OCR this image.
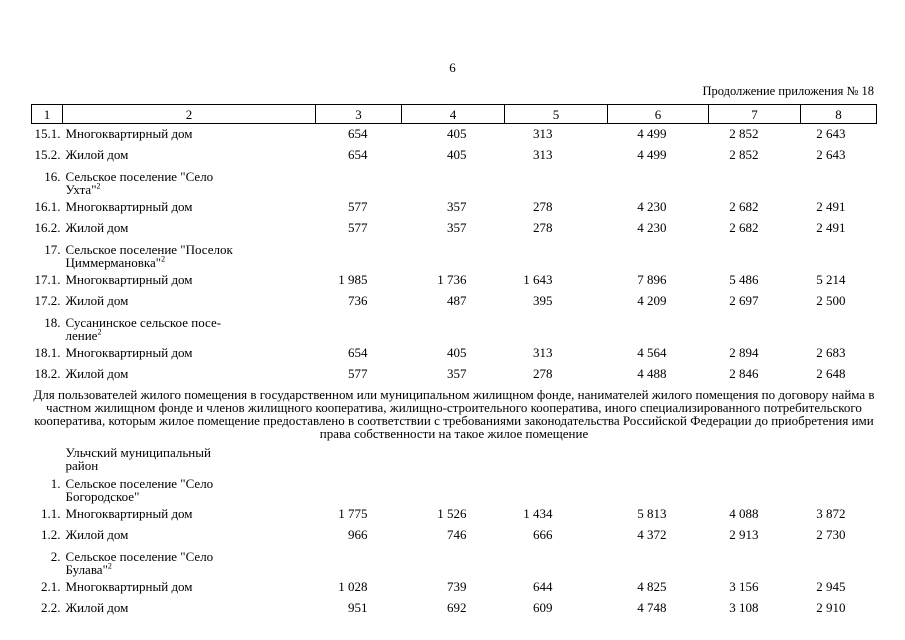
6
Продолжение приложения № 18
1	2	3	4	5	6	7	8
15.1.	Многоквартирный дом	654	405	313	4 499	2 852	2 643
15.2.	Жилой дом	654	405	313	4 499	2 852	2 643
16.	Сельское поселение "Село
Ухта"$^2$

16.1.	Многоквартирный дом	577	357	278	4 230	2 682	2 491
16.2.	Жилой дом	577	357	278	4 230	2 682	2 491
17.	Сельское поселение "Поселок
Циммермановка"$^2$

17.1.	Многоквартирный дом	1 985	1 736	1 643	7 896	5 486	5 214
17.2.	Жилой дом	736	487	395	4 209	2 697	2 500
18.	Сусанинское сельское посе-
ление$^2$

18.1.	Многоквартирный дом	654	405	313	4 564	2 894	2 683
18.2.	Жилой дом	577	357	278	4 488	2 846	2 648
Для пользователей жилого помещения в государственном или муниципальном жилищном фонде, нанимателей жилого помещения по договору найма в частном жилищном фонде и членов жилищного кооператива, жилищно-строительного кооператива, иного специализированного потребительского кооператива, которым жилое помещение предоставлено в соответствии с требованиями законодательства Российской Федерации до приобретения ими права собственности на такое жилое помещение							

	Ульчский муниципальный
район						

1.	Сельское поселение "Село
Богородское"						

1.1.	Многоквартирный дом	1 775	1 526	1 434	5 813	4 088	3 872
1.2.	Жилой дом	966	746	666	4 372	2 913	2 730
2.	Сельское поселение "Село
Булава"$^2$

2.1.	Многоквартирный дом	1 028	739	644	4 825	3 156	2 945
2.2.	Жилой дом	951	692	609	4 748	3 108	2 910
